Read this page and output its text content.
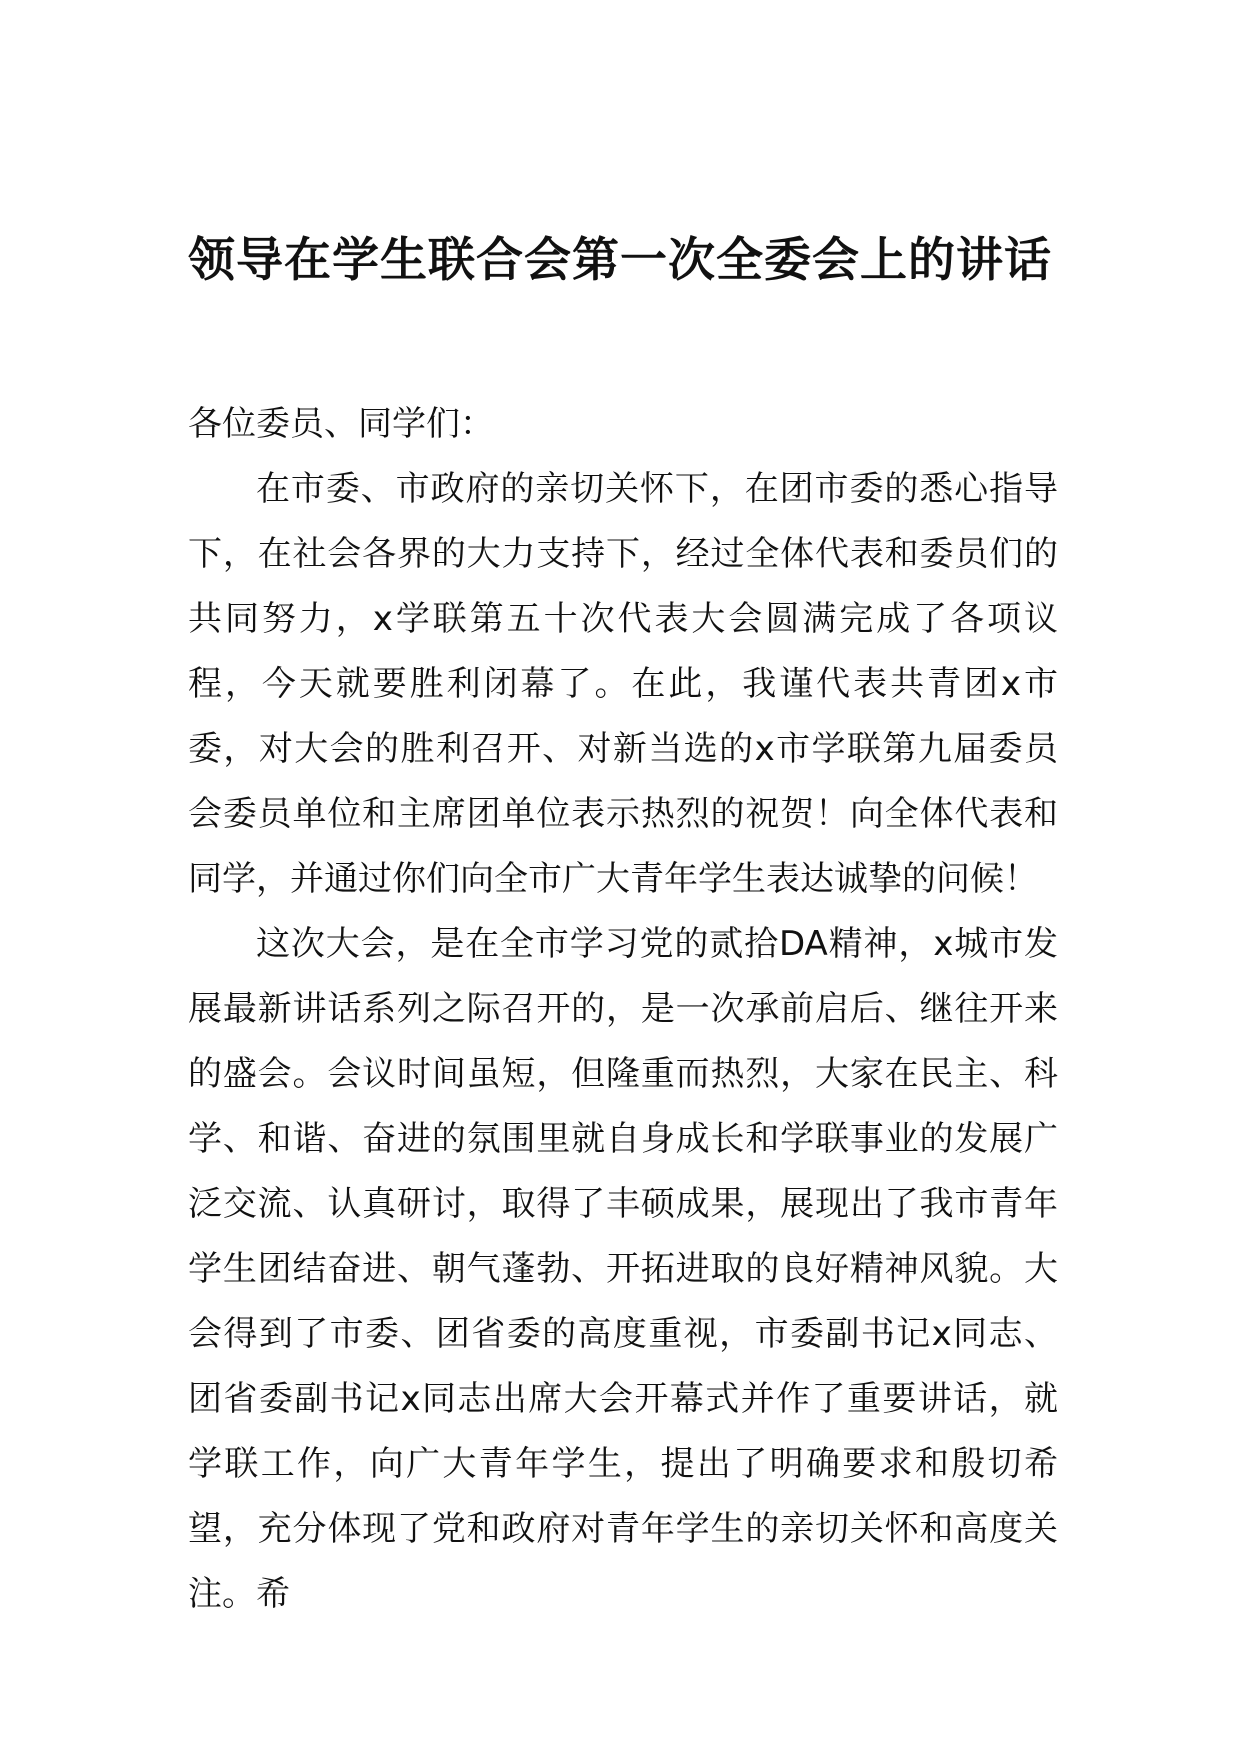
领导在学生联合会第一次全委会上的讲话

各位委员、同学们：

在市委、市政府的亲切关怀下，在团市委的悉心指导下，在社会各界的大力支持下，经过全体代表和委员们的共同努力，x学联第五十次代表大会圆满完成了各项议程，今天就要胜利闭幕了。在此，我谨代表共青团x市委，对大会的胜利召开、对新当选的x市学联第九届委员会委员单位和主席团单位表示热烈的祝贺！向全体代表和同学，并通过你们向全市广大青年学生表达诚挚的问候！

这次大会，是在全市学习党的贰拾DA精神，x城市发展最新讲话系列之际召开的，是一次承前启后、继往开来的盛会。会议时间虽短，但隆重而热烈，大家在民主、科学、和谐、奋进的氛围里就自身成长和学联事业的发展广泛交流、认真研讨，取得了丰硕成果，展现出了我市青年学生团结奋进、朝气蓬勃、开拓进取的良好精神风貌。大会得到了市委、团省委的高度重视，市委副书记x同志、团省委副书记x同志出席大会开幕式并作了重要讲话，就学联工作，向广大青年学生，提出了明确要求和殷切希望，充分体现了党和政府对青年学生的亲切关怀和高度关注。希
